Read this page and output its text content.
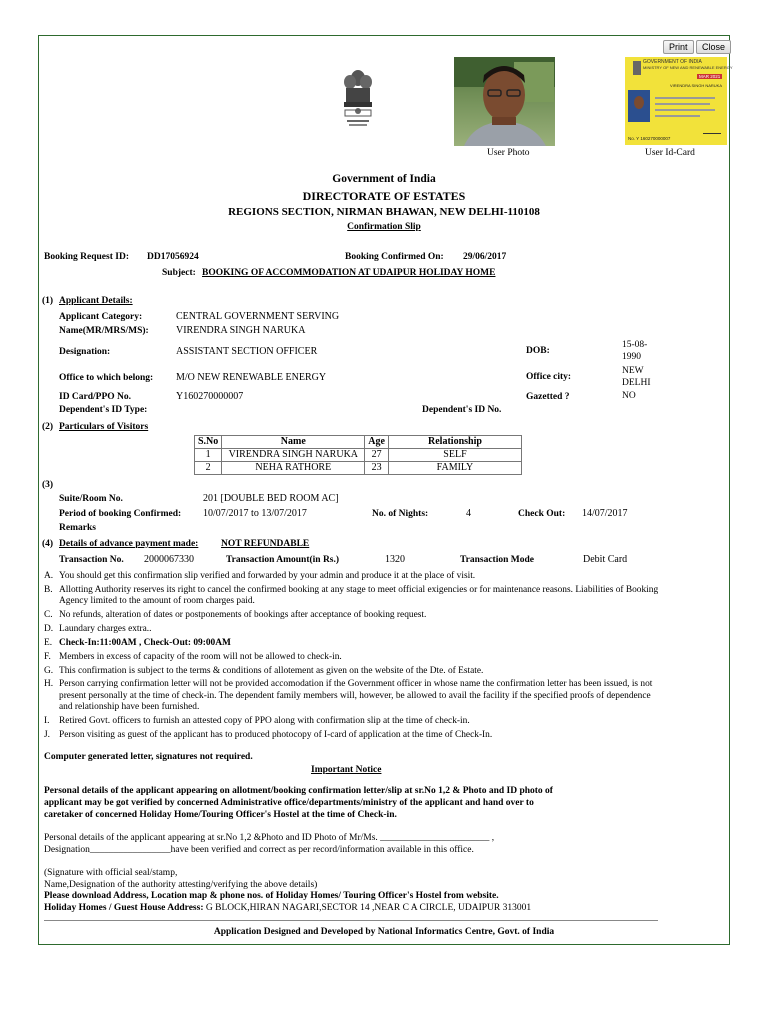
Print	Close
User Photo
GOVERNMENT OF INDIA
MINISTRY OF NEW AND RENEWABLE ENERGY
MAR 2021
VIRENDRA SINGH NARUKA
No. Y 160270000007
User Id-Card
Government of India
DIRECTORATE OF ESTATES
REGIONS SECTION, NIRMAN BHAWAN, NEW DELHI-110108
Confirmation Slip
Booking Request ID: DD17056924	Booking Confirmed On: 29/06/2017
Subject: BOOKING OF ACCOMMODATION AT UDAIPUR HOLIDAY HOME
(1) Applicant Details:
Applicant Category:	CENTRAL GOVERNMENT SERVING
Name(MR/MRS/MS):	VIRENDRA SINGH NARUKA
Designation:	ASSISTANT SECTION OFFICER	DOB:
15-08-
1990
Office to which belong: M/O NEW RENEWABLE ENERGY	Office city:
NEW
DELHI
ID Card/PPO No.	Y160270000007	Gazetted ?	NO
Dependent's ID Type:	Dependent's ID No.
(2) Particulars of Visitors
S.No	Name	Age	Relationship
1	VIRENDRA SINGH NARUKA	27	SELF
2	NEHA RATHORE	23	FAMILY
(3)
Suite/Room No.	201 [DOUBLE BED ROOM AC]
Period of booking Confirmed: 10/07/2017 to 13/07/2017	No. of Nights:	4	Check Out: 14/07/2017
Remarks
(4) Details of advance payment made: NOT REFUNDABLE
Transaction No. 2000067330	Transaction Amount(in Rs.)	1320	Transaction Mode	Debit Card
A. You should get this confirmation slip verified and forwarded by your admin and produce it at the place of visit.
B. Allotting Authority reserves its right to cancel the confirmed booking at any stage to meet official exigencies or for maintenance reasons. Liabilities of Booking Agency limited to the amount of room charges paid.
C. No refunds, alteration of dates or postponements of bookings after acceptance of booking request.
D. Laundary charges extra..
E. Check-In:11:00AM , Check-Out: 09:00AM
F. Members in excess of capacity of the room will not be allowed to check-in.
G. This confirmation is subject to the terms & conditions of allotement as given on the website of the Dte. of Estate.
H. Person carrying confirmation letter will not be provided accomodation if the Government officer in whose name the confirmation letter has been issued, is not present personally at the time of check-in. The dependent family members will, however, be allowed to avail the facility if the specified proofs of dependence and relationship have been furnished.
I. Retired Govt. officers to furnish an attested copy of PPO along with confirmation slip at the time of check-in.
J. Person visiting as guest of the applicant has to produced photocopy of I-card of application at the time of Check-In.
Computer generated letter, signatures not required.
Important Notice
Personal details of the applicant appearing on allotment/booking confirmation letter/slip at sr.No 1,2 & Photo and ID photo of
applicant may be got verified by concerned Administrative office/departments/ministry of the applicant and hand over to
caretaker of concerned Holiday Home/Touring Officer's Hostel at the time of Check-in.
Personal details of the applicant appearing at sr.No 1,2 &Photo and ID Photo of Mr/Ms. _______________________ ,
Designation_________________have been verified and correct as per record/information available in this office.
(Signature with official seal/stamp,
Name,Designation of the authority attesting/verifying the above details)
Please download Address, Location map & phone nos. of Holiday Homes/ Touring Officer's Hostel from website.
Holiday Homes / Guest House Address: G BLOCK,HIRAN NAGARI,SECTOR 14 ,NEAR C A CIRCLE, UDAIPUR 313001
Application Designed and Developed by National Informatics Centre, Govt. of India
